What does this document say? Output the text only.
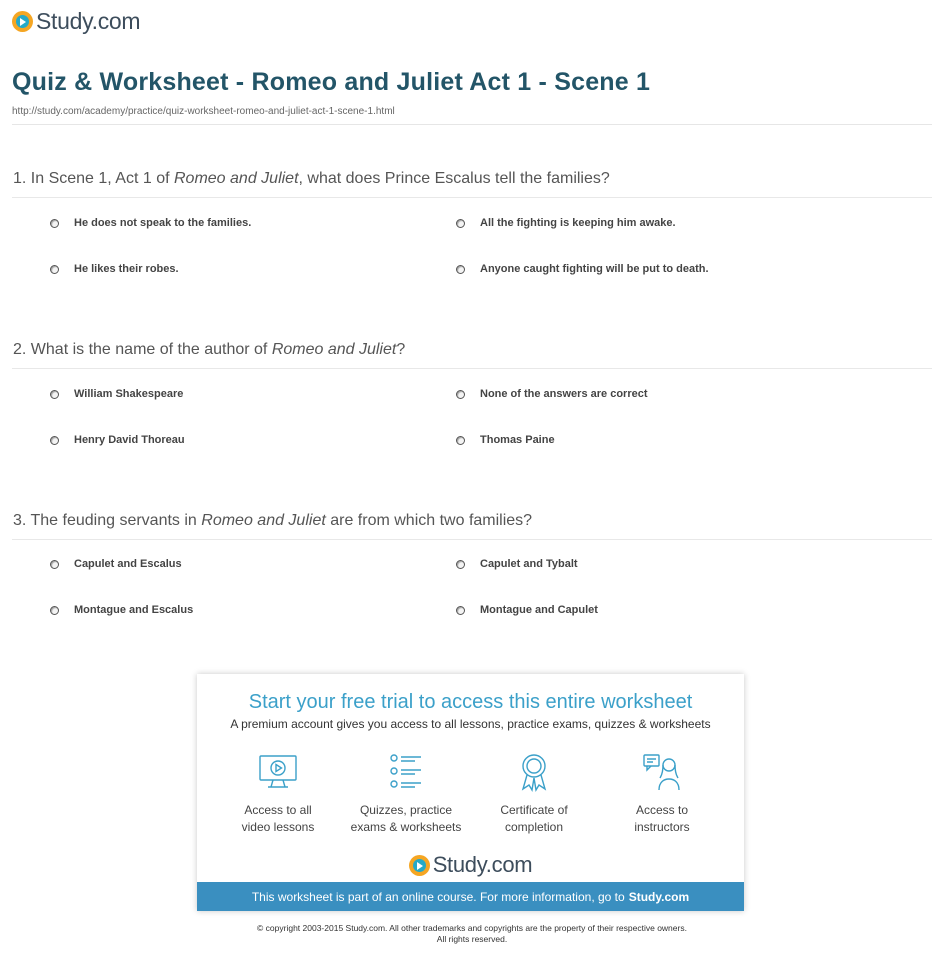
Study.com
Quiz & Worksheet - Romeo and Juliet Act 1 - Scene 1
http://study.com/academy/practice/quiz-worksheet-romeo-and-juliet-act-1-scene-1.html
1. In Scene 1, Act 1 of Romeo and Juliet, what does Prince Escalus tell the families?
He does not speak to the families.	All the fighting is keeping him awake.
He likes their robes.	Anyone caught fighting will be put to death.
2. What is the name of the author of Romeo and Juliet?
William Shakespeare	None of the answers are correct
Henry David Thoreau	Thomas Paine
3. The feuding servants in Romeo and Juliet are from which two families?
Capulet and Escalus	Capulet and Tybalt
Montague and Escalus	Montague and Capulet
Start your free trial to access this entire worksheet
A premium account gives you access to all lessons, practice exams, quizzes & worksheets
Access to all
video lessons
Quizzes, practice
exams & worksheets
Certificate of
completion
Access to
instructors
Study.com
This worksheet is part of an online course. For more information, go to Study.com
© copyright 2003-2015 Study.com. All other trademarks and copyrights are the property of their respective owners.
All rights reserved.
